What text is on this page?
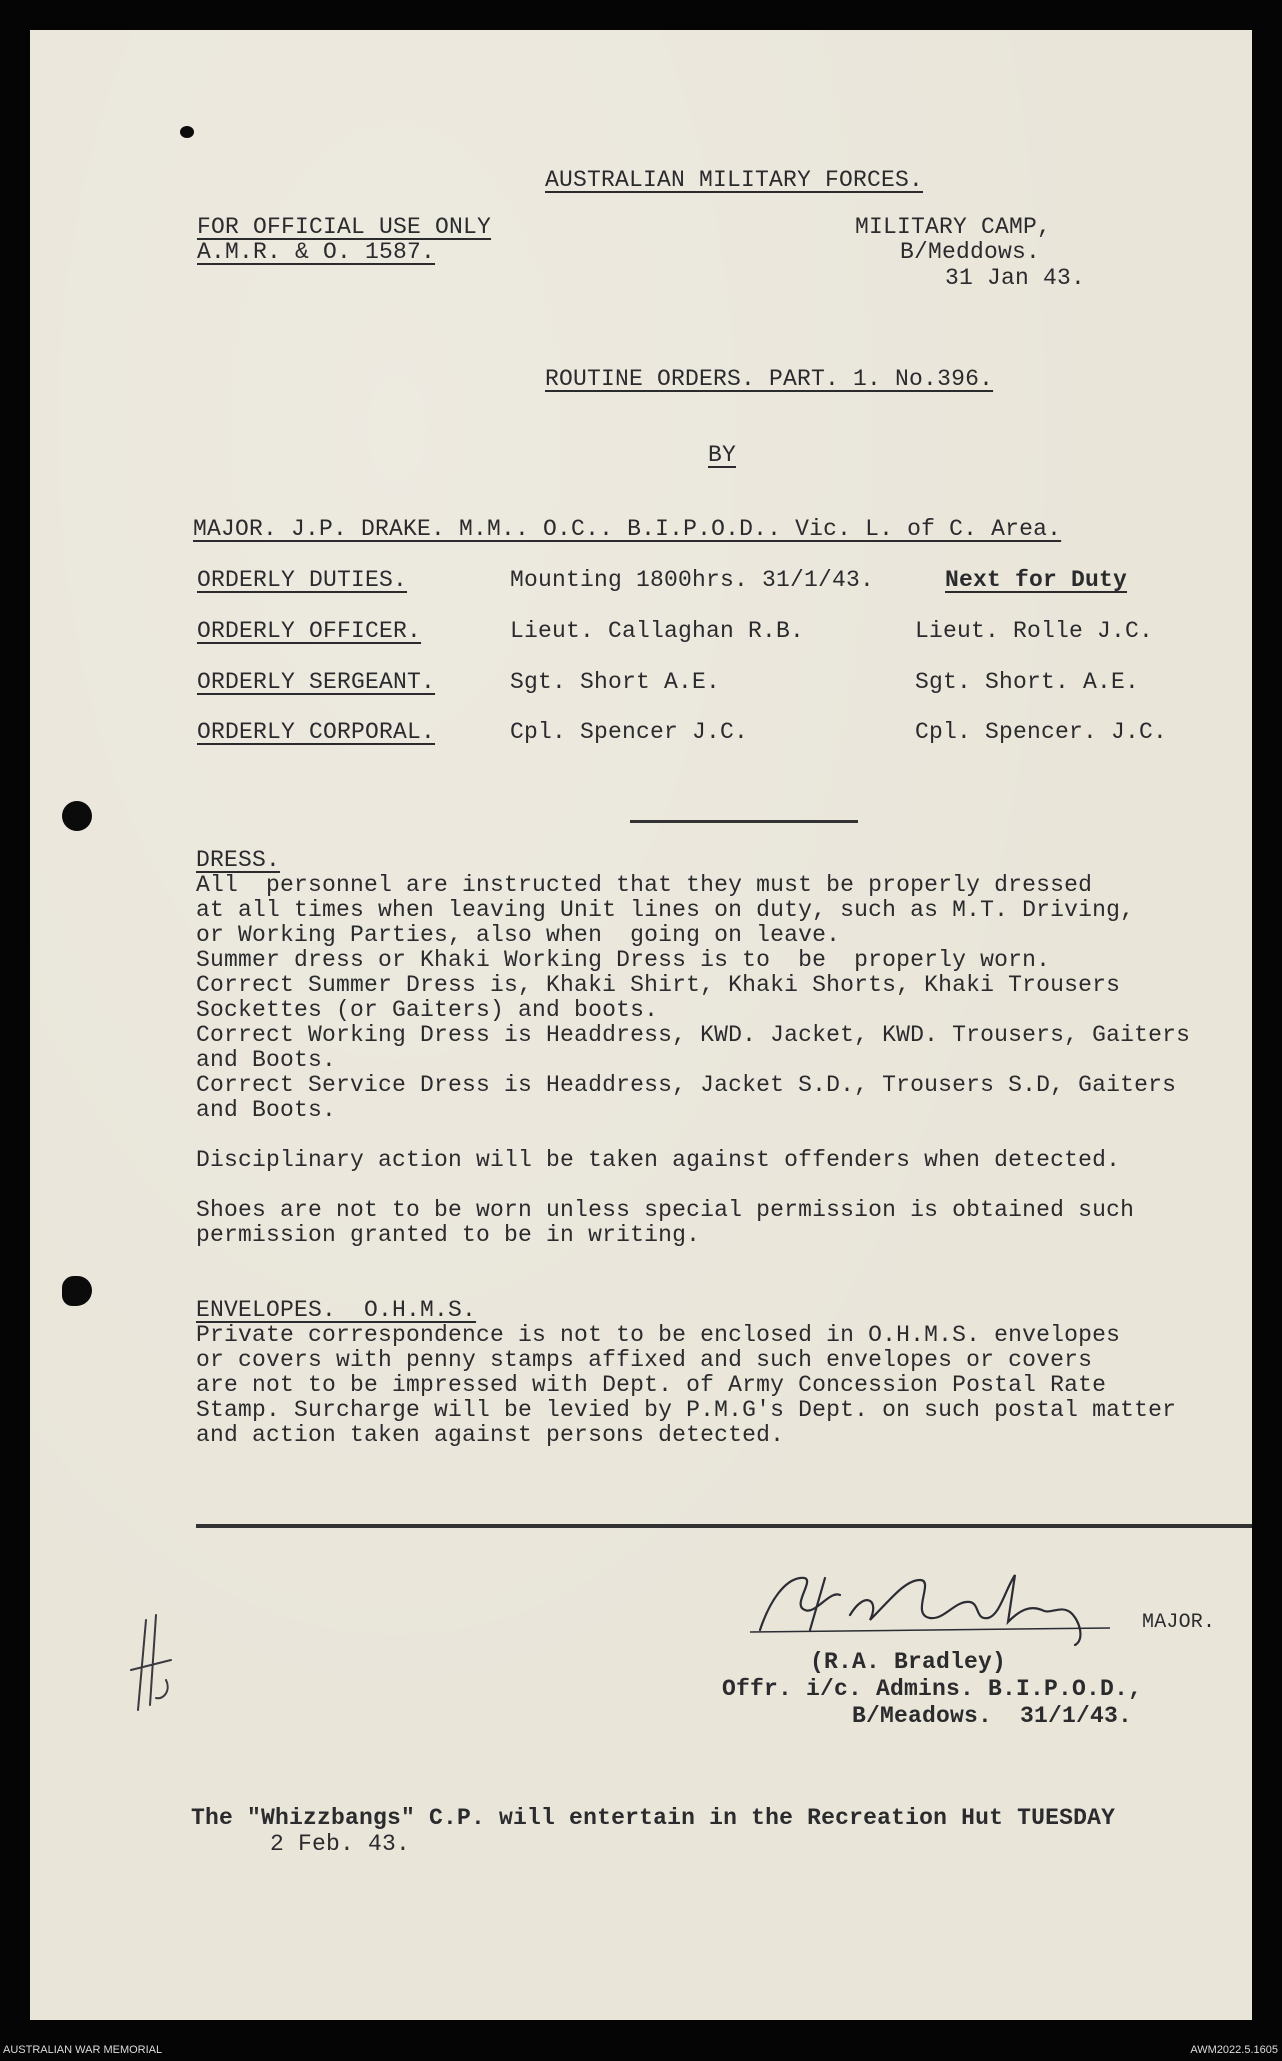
AUSTRALIAN MILITARY FORCES.
FOR OFFICIAL USE ONLY
A.M.R. & O. 1587.
MILITARY CAMP,
B/Meddows.
31 Jan 43.
ROUTINE ORDERS. PART. 1. No.396.
BY
MAJOR. J.P. DRAKE. M.M.. O.C.. B.I.P.O.D.. Vic. L. of C. Area.
ORDERLY DUTIES.	Mounting 1800hrs. 31/1/43.	Next for Duty
ORDERLY OFFICER.	Lieut. Callaghan R.B.	Lieut. Rolle J.C.
ORDERLY SERGEANT.	Sgt. Short A.E.	Sgt. Short. A.E.
ORDERLY CORPORAL.	Cpl. Spencer J.C.	Cpl. Spencer. J.C.
DRESS.
All  personnel are instructed that they must be properly dressed
at all times when leaving Unit lines on duty, such as M.T. Driving,
or Working Parties, also when  going on leave.
Summer dress or Khaki Working Dress is to  be  properly worn.
Correct Summer Dress is, Khaki Shirt, Khaki Shorts, Khaki Trousers
Sockettes (or Gaiters) and boots.
Correct Working Dress is Headdress, KWD. Jacket, KWD. Trousers, Gaiters
and Boots.
Correct Service Dress is Headdress, Jacket S.D., Trousers S.D, Gaiters
and Boots.
Disciplinary action will be taken against offenders when detected.
Shoes are not to be worn unless special permission is obtained such
permission granted to be in writing.
ENVELOPES.  O.H.M.S.
Private correspondence is not to be enclosed in O.H.M.S. envelopes
or covers with penny stamps affixed and such envelopes or covers
are not to be impressed with Dept. of Army Concession Postal Rate
Stamp. Surcharge will be levied by P.M.G's Dept. on such postal matter
and action taken against persons detected.
MAJOR.
(R.A. Bradley)
Offr. i/c. Admins. B.I.P.O.D.,
B/Meadows.  31/1/43.
The "Whizzbangs" C.P. will entertain in the Recreation Hut TUESDAY
2 Feb. 43.
AUSTRALIAN WAR MEMORIAL	AWM2022.5.1605
